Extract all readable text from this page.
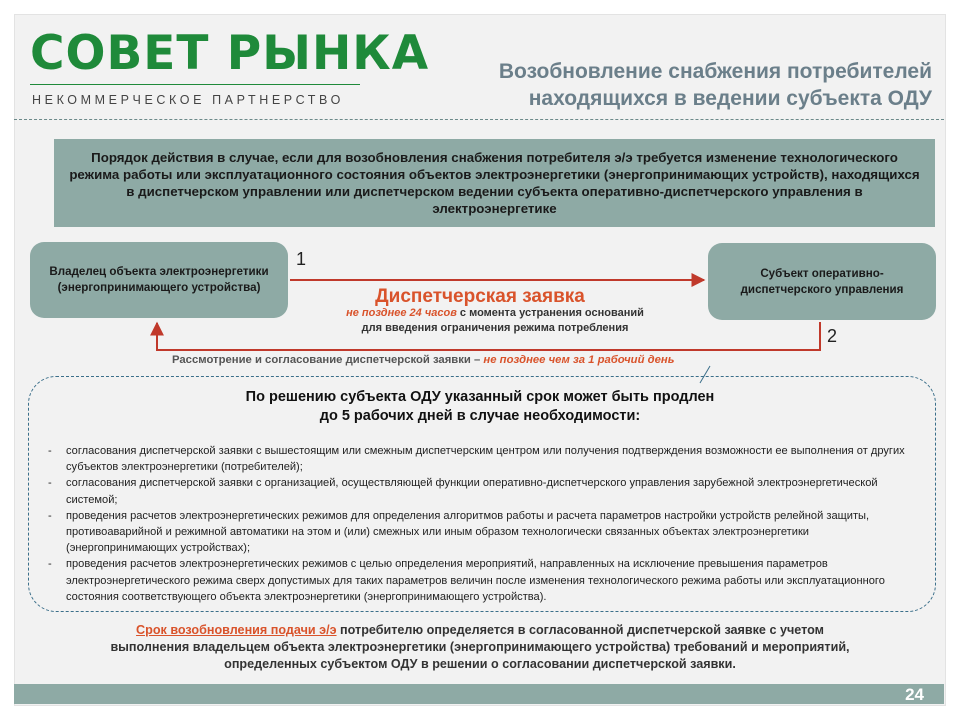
СОВЕТ РЫНКА
НЕКОММЕРЧЕСКОЕ ПАРТНЕРСТВО
Возобновление снабжения потребителей
находящихся в ведении субъекта ОДУ
Порядок действия в случае, если для возобновления снабжения потребителя э/э требуется изменение технологического режима работы или эксплуатационного состояния объектов электроэнергетики (энергопринимающих устройств), находящихся в диспетчерском управлении или диспетчерском ведении субъекта оперативно-диспетчерского управления в электроэнергетике
Владелец объекта электроэнергетики (энергопринимающего устройства)
Субъект оперативно-диспетчерского управления
1
2
Диспетчерская заявка
не позднее 24 часов с момента устранения оснований
для введения ограничения режима потребления
Рассмотрение и согласование диспетчерской заявки – не позднее чем за 1 рабочий день
По решению субъекта ОДУ указанный срок может быть продлен
до 5 рабочих дней в случае необходимости:
- согласования диспетчерской заявки с вышестоящим или смежным диспетчерским центром или получения подтверждения возможности ее выполнения от других субъектов электроэнергетики (потребителей);
- согласования диспетчерской заявки с организацией, осуществляющей функции оперативно-диспетчерского управления зарубежной электроэнергетической системой;
- проведения расчетов электроэнергетических режимов для определения алгоритмов работы и расчета параметров настройки устройств релейной защиты, противоаварийной и режимной автоматики на этом и (или) смежных или иным образом технологически связанных объектах электроэнергетики (энергопринимающих устройствах);
- проведения расчетов электроэнергетических режимов с целью определения мероприятий, направленных на исключение превышения параметров электроэнергетического режима сверх допустимых для таких параметров величин после изменения технологического режима работы или эксплуатационного состояния соответствующего объекта электроэнергетики (энергопринимающего устройства).
Срок возобновления подачи э/э потребителю определяется в согласованной диспетчерской заявке с учетом
выполнения владельцем объекта электроэнергетики (энергопринимающего устройства) требований и мероприятий,
определенных субъектом ОДУ в решении о согласовании диспетчерской заявки.
24
